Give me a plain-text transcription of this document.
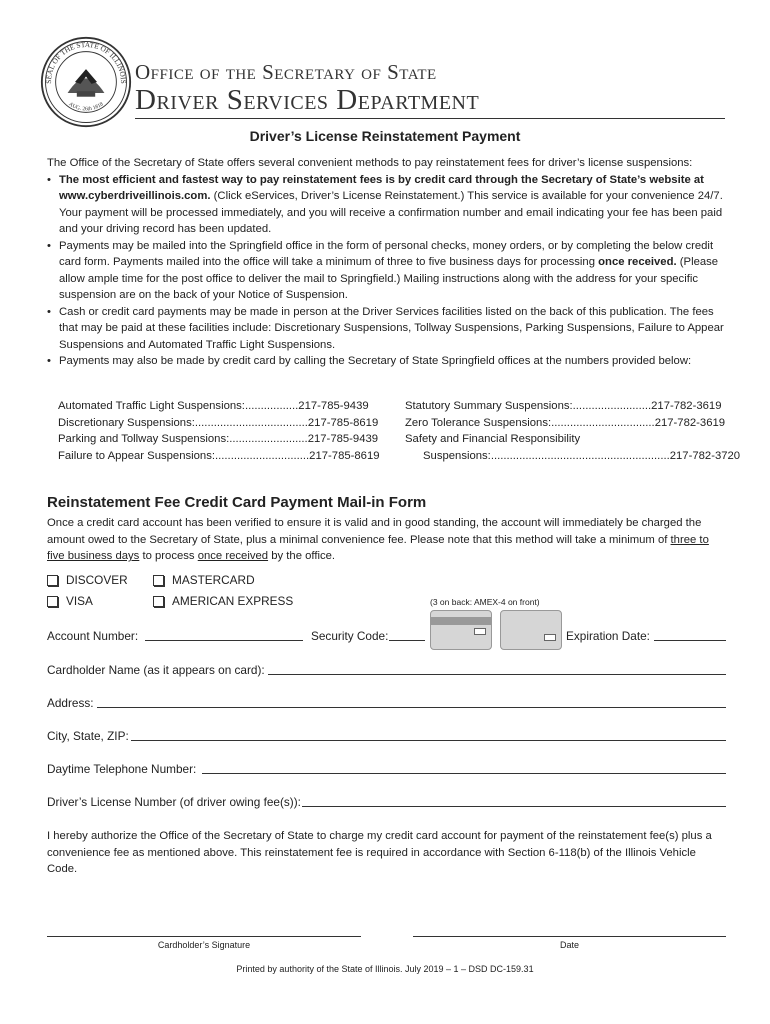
SEAL OF THE STATE OF ILLINOIS
AUG. 26th 1818
Office of the Secretary of State
Driver Services Department
Driver’s License Reinstatement Payment
The Office of the Secretary of State offers several convenient methods to pay reinstatement fees for driver’s license suspensions:
• The most efficient and fastest way to pay reinstatement fees is by credit card through the Secretary of State’s website at www.cyberdriveillinois.com. (Click eServices, Driver’s License Reinstatement.) This service is available for your convenience 24/7. Your payment will be processed immediately, and you will receive a confirmation number and email indicating your fee has been paid and your driving record has been updated.
• Payments may be mailed into the Springfield office in the form of personal checks, money orders, or by completing the below credit card form. Payments mailed into the office will take a minimum of three to five business days for processing once received. (Please allow ample time for the post office to deliver the mail to Springfield.) Mailing instructions along with the address for your specific suspension are on the back of your Notice of Suspension.
• Cash or credit card payments may be made in person at the Driver Services facilities listed on the back of this publication. The fees that may be paid at these facilities include: Discretionary Suspensions, Tollway Suspensions, Parking Suspensions, Failure to Appear Suspensions and Automated Traffic Light Suspensions.
• Payments may also be made by credit card by calling the Secretary of State Springfield offices at the numbers provided below:
Automated Traffic Light Suspensions:.................217-785-9439
Discretionary Suspensions:....................................217-785-8619
Parking and Tollway Suspensions:.........................217-785-9439
Failure to Appear Suspensions:..............................217-785-8619
Statutory Summary Suspensions:.........................217-782-3619
Zero Tolerance Suspensions:.................................217-782-3619
Safety and Financial Responsibility
Suspensions:.........................................................217-782-3720
Reinstatement Fee Credit Card Payment Mail-in Form
Once a credit card account has been verified to ensure it is valid and in good standing, the account will immediately be charged the amount owed to the Secretary of State, plus a minimal convenience fee. Please note that this method will take a minimum of three to five business days to process once received by the office.
DISCOVER	MASTERCARD
VISA	AMERICAN EXPRESS	(3 on back: AMEX-4 on front)
Account Number:	Security Code:	Expiration Date:
Cardholder Name (as it appears on card):
Address:
City, State, ZIP:
Daytime Telephone Number:
Driver’s License Number (of driver owing fee(s)):
I hereby authorize the Office of the Secretary of State to charge my credit card account for payment of the reinstatement fee(s) plus a convenience fee as mentioned above. This reinstatement fee is required in accordance with Section 6-118(b) of the Illinois Vehicle Code.
Cardholder’s Signature	Date
Printed by authority of the State of Illinois. July 2019 – 1 – DSD DC-159.31
